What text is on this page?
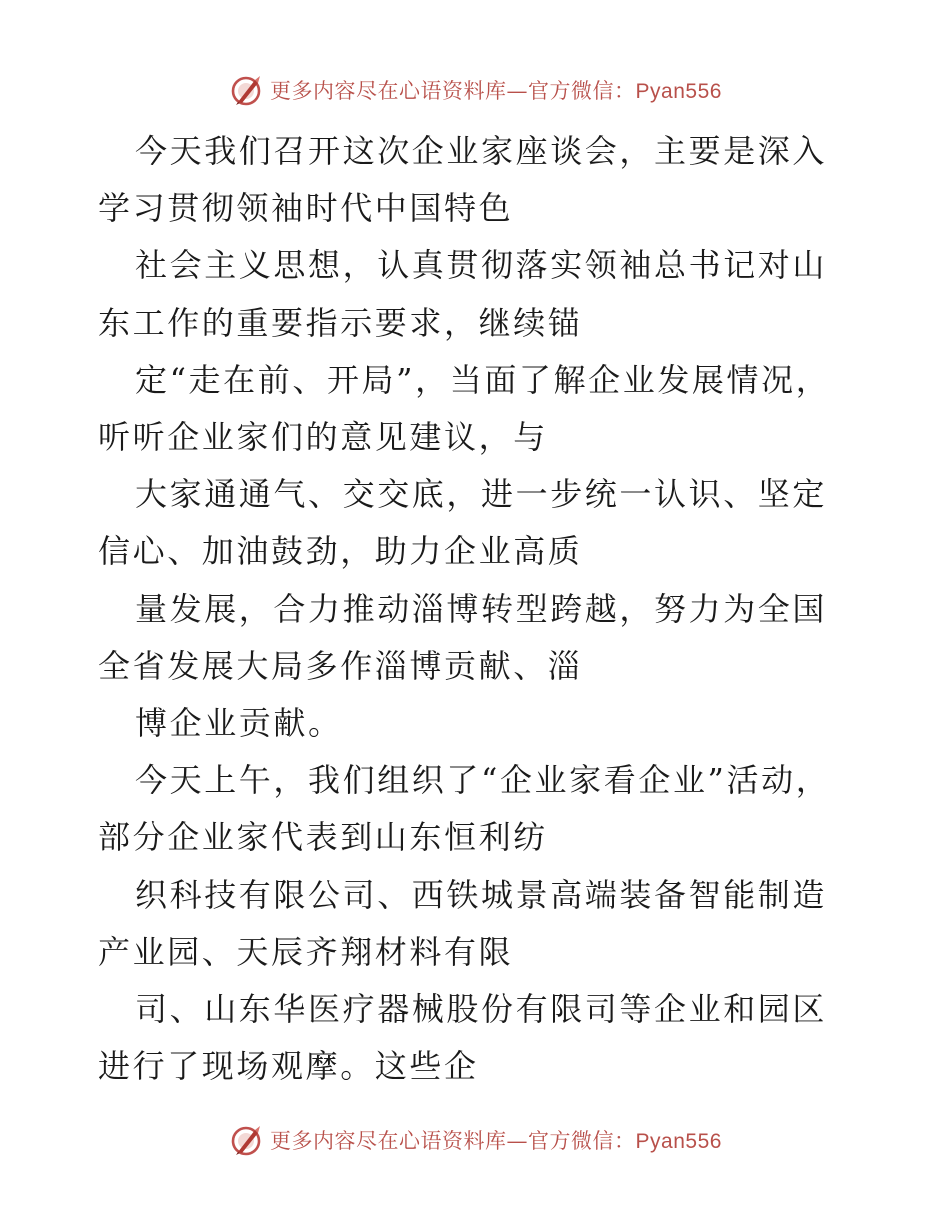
更多内容尽在心语资料库—官方微信：Pyan556

今天我们召开这次企业家座谈会，主要是深入学习贯彻领袖时代中国特色

社会主义思想，认真贯彻落实领袖总书记对山东工作的重要指示要求，继续锚

定“走在前、开局”，当面了解企业发展情况，听听企业家们的意见建议，与

大家通通气、交交底，进一步统一认识、坚定信心、加油鼓劲，助力企业高质

量发展，合力推动淄博转型跨越，努力为全国全省发展大局多作淄博贡献、淄

博企业贡献。

今天上午，我们组织了“企业家看企业”活动，部分企业家代表到山东恒利纺

织科技有限公司、西铁城景高端装备智能制造产业园、天辰齐翔材料有限

司、山东华医疗器械股份有限司等企业和园区进行了现场观摩。这些企

更多内容尽在心语资料库—官方微信：Pyan556
